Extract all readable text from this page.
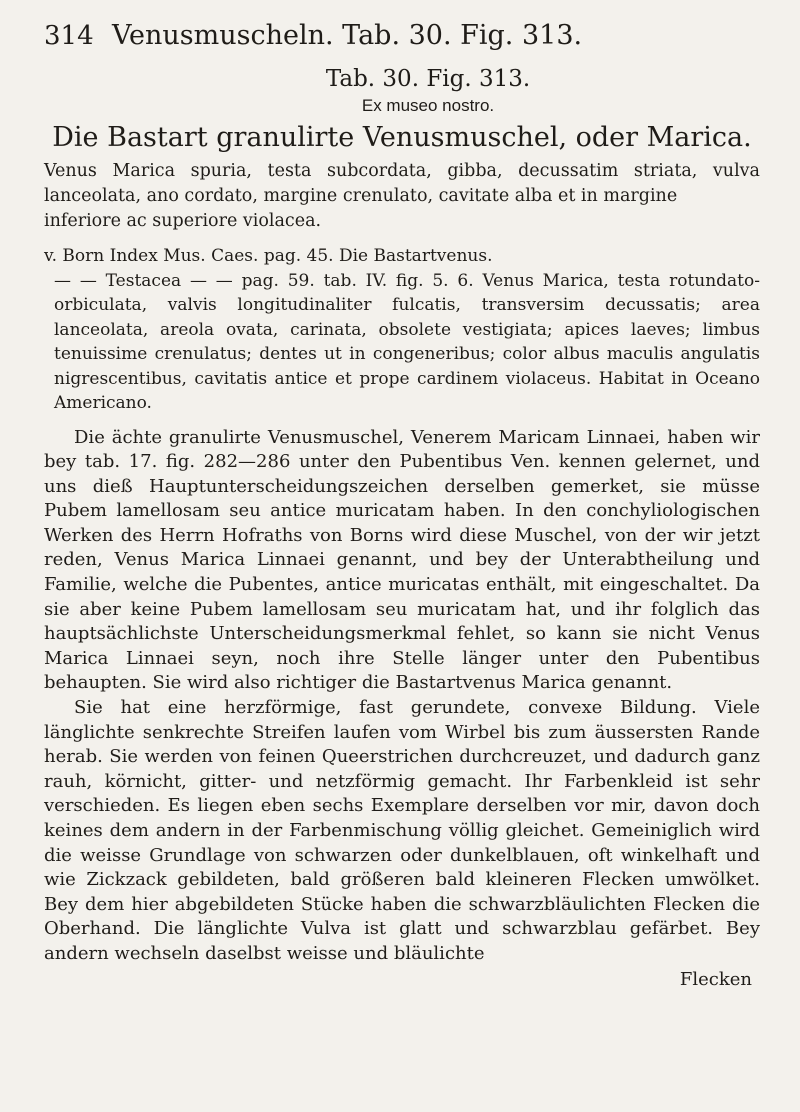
314 Venusmuscheln. Tab. 30. Fig. 313.
Tab. 30. Fig. 313.
Ex museo nostro.
Die Bastart granulirte Venusmuschel, oder Marica.
Venus Marica spuria, testa subcordata, gibba, decussatim striata, vulva lanceolata, ano cordato, margine crenulato, cavitate alba et in margine
inferiore ac superiore violacea.
v. Born Index Mus. Caes. pag. 45. Die Bastartvenus.
— — Testacea — — pag. 59. tab. IV. fig. 5. 6. Venus Marica, testa rotundato-orbiculata, valvis longitudinaliter fulcatis, transversim decussatis; area lanceolata, areola ovata, carinata, obsolete vestigiata; apices laeves; limbus tenuissime crenulatus; dentes ut in congeneribus; color albus maculis angulatis nigrescentibus, cavitatis antice et prope cardinem violaceus. Habitat in Oceano Americano.
Die ächte granulirte Venusmuschel, Venerem Maricam Linnaei, haben wir bey tab. 17. fig. 282—286 unter den Pubentibus Ven. kennen gelernet, und uns dieß Hauptunterscheidungszeichen derselben gemerket, sie müsse Pubem lamellosam seu antice muricatam haben. In den conchyliologischen Werken des Herrn Hofraths von Borns wird diese Muschel, von der wir jetzt reden, Venus Marica Linnaei genannt, und bey der Unterabtheilung und Familie, welche die Pubentes, antice muricatas enthält, mit eingeschaltet. Da sie aber keine Pubem lamellosam seu muricatam hat, und ihr folglich das hauptsächlichste Unterscheidungsmerkmal fehlet, so kann sie nicht Venus Marica Linnaei seyn, noch ihre Stelle länger unter den Pubentibus behaupten. Sie wird also richtiger die Bastartvenus Marica genannt.
Sie hat eine herzförmige, fast gerundete, convexe Bildung. Viele länglichte senkrechte Streifen laufen vom Wirbel bis zum äussersten Rande herab. Sie werden von feinen Queerstrichen durchcreuzet, und dadurch ganz rauh, körnicht, gitter- und netzförmig gemacht. Ihr Farbenkleid ist sehr verschieden. Es liegen eben sechs Exemplare derselben vor mir, davon doch keines dem andern in der Farbenmischung völlig gleichet. Gemeiniglich wird die weisse Grundlage von schwarzen oder dunkelblauen, oft winkelhaft und wie Zickzack gebildeten, bald größeren bald kleineren Flecken umwölket. Bey dem hier abgebildeten Stücke haben die schwarzbläulichten Flecken die Oberhand. Die länglichte Vulva ist glatt und schwarzblau gefärbet. Bey andern wechseln daselbst weisse und bläulichte
Flecken
